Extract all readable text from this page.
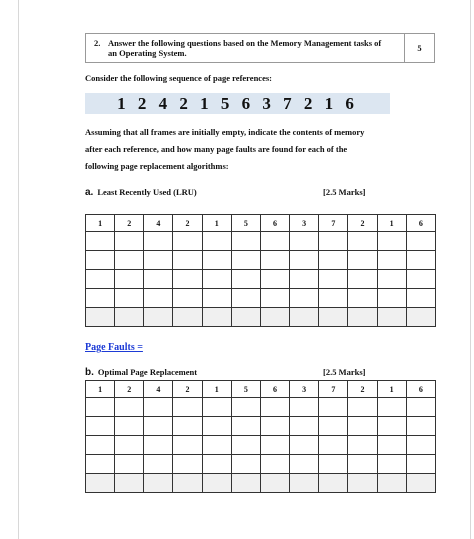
2. Answer the following questions based on the Memory Management tasks of
an Operating System.	5
Consider the following sequence of page references:
1 2 4 2 1 5 6 3 7 2 1 6
Assuming that all frames are initially empty, indicate the contents of memory
after each reference, and how many page faults are found for each of the
following page replacement algorithms:
a. Least Recently Used (LRU)	[2.5 Marks]
1	2	4	2	1	5	6	3	7	2	1	6

Page Faults =
b. Optimal Page Replacement	[2.5 Marks]
1	2	4	2	1	5	6	3	7	2	1	6
